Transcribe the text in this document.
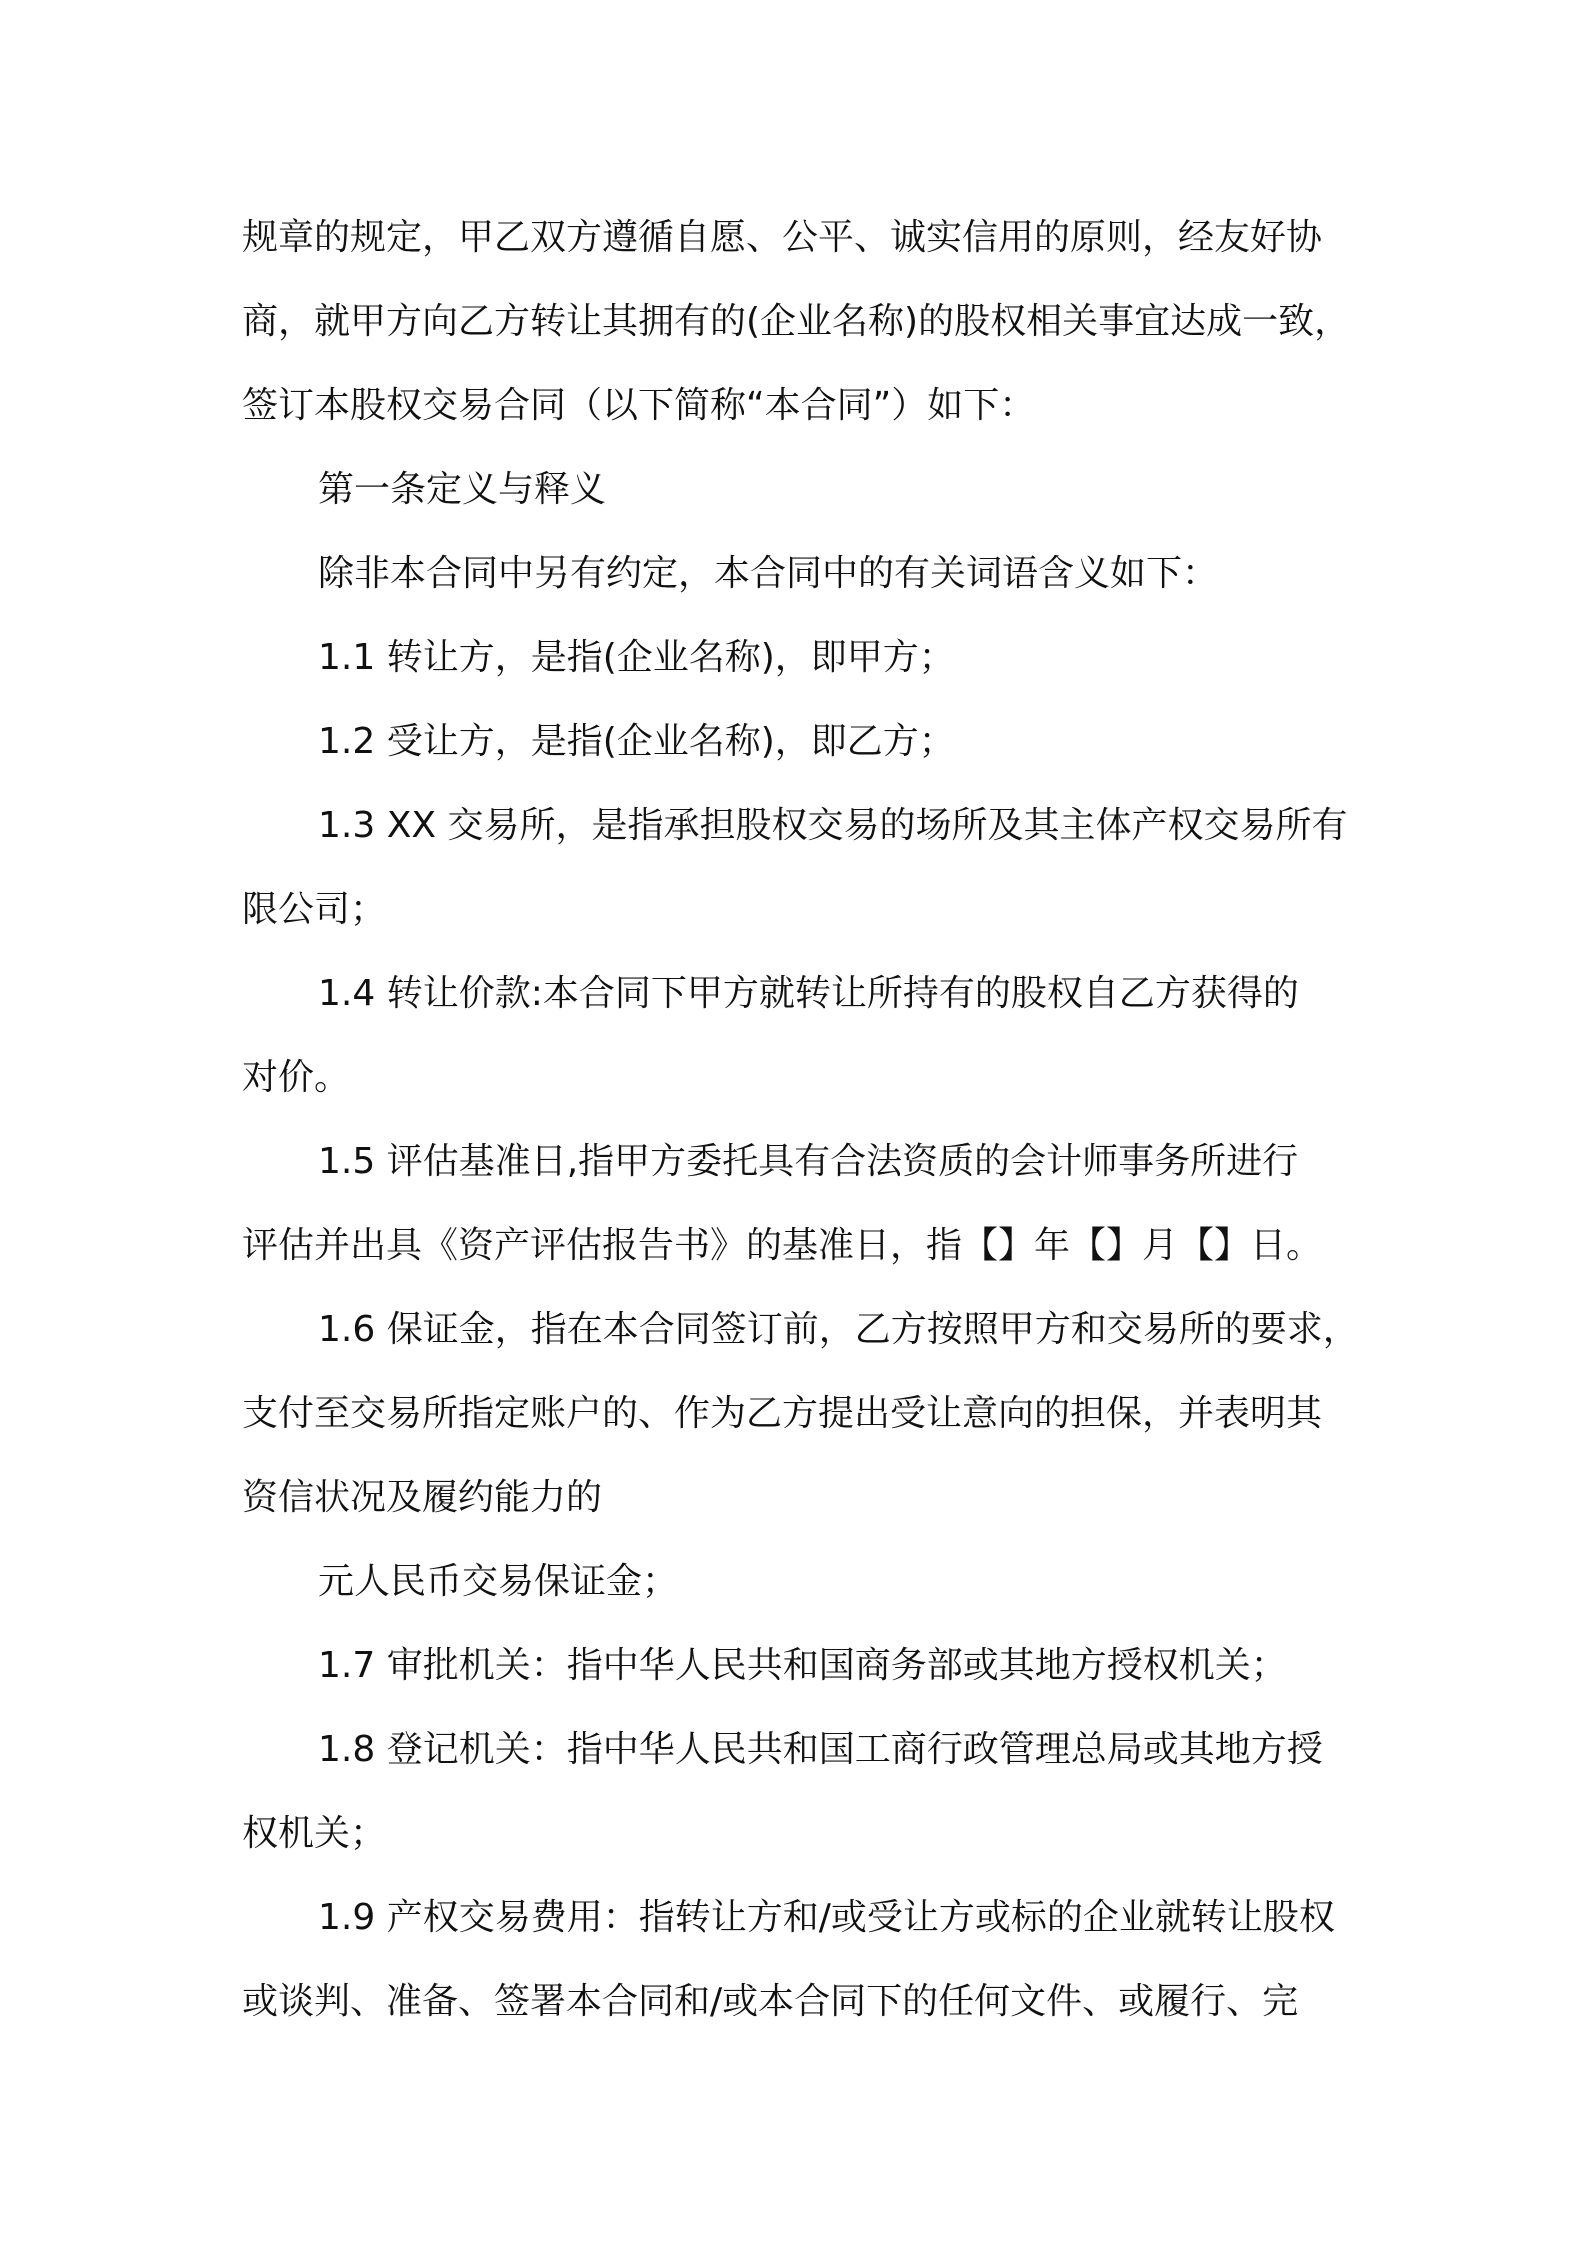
规章的规定，甲乙双方遵循自愿、公平、诚实信用的原则，经友好协
商，就甲方向乙方转让其拥有的(企业名称)的股权相关事宜达成一致，
签订本股权交易合同（以下简称“本合同”）如下：
第一条定义与释义
除非本合同中另有约定，本合同中的有关词语含义如下：
1.1 转让方，是指(企业名称)，即甲方；
1.2 受让方，是指(企业名称)，即乙方；
1.3 XX 交易所，是指承担股权交易的场所及其主体产权交易所有
限公司；
1.4 转让价款:本合同下甲方就转让所持有的股权自乙方获得的
对价。
1.5 评估基准日,指甲方委托具有合法资质的会计师事务所进行
评估并出具《资产评估报告书》的基准日，指【】年【】月【】日。
1.6 保证金，指在本合同签订前，乙方按照甲方和交易所的要求，
支付至交易所指定账户的、作为乙方提出受让意向的担保，并表明其
资信状况及履约能力的
元人民币交易保证金；
1.7 审批机关：指中华人民共和国商务部或其地方授权机关；
1.8 登记机关：指中华人民共和国工商行政管理总局或其地方授
权机关；
1.9 产权交易费用：指转让方和/或受让方或标的企业就转让股权
或谈判、准备、签署本合同和/或本合同下的任何文件、或履行、完
